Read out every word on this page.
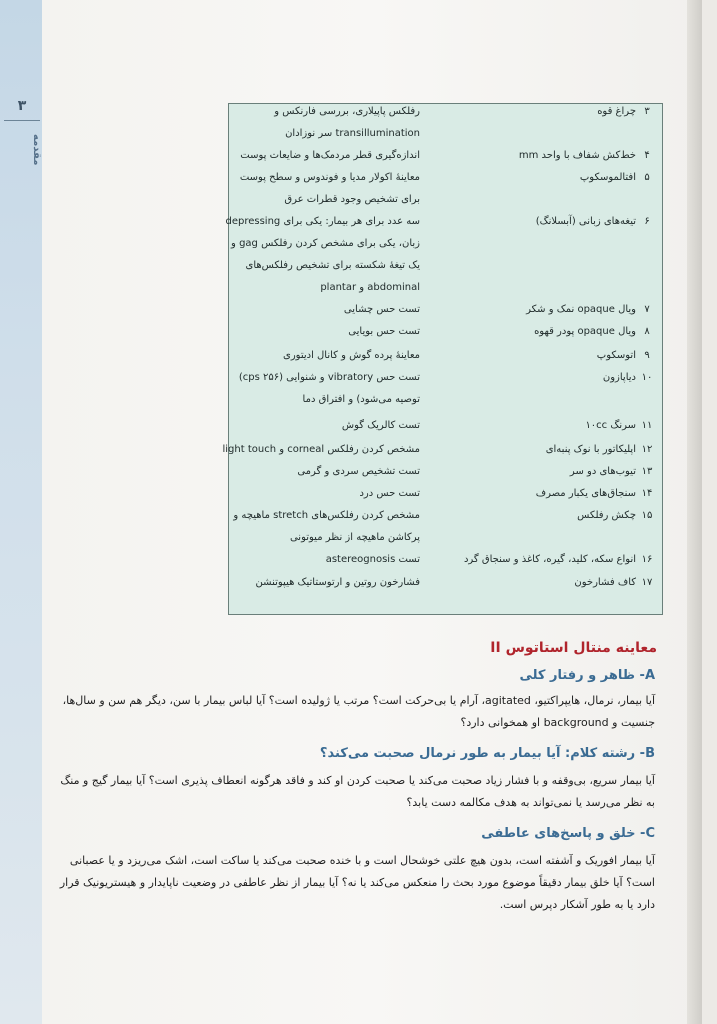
۳
مقدمه
۳
چراغ قوه
رفلکس پاپیلاری، بررسی فارنکس و
transillumination سر نوزادان
۴
خط‌کش شفاف با واحد mm
اندازه‌گیری قطر مردمک‌ها و ضایعات پوست
۵
افتالموسکوپ
معاینهٔ اکولار مدیا و فوندوس و سطح پوست
برای تشخیص وجود قطرات عرق
۶
تیغه‌های زبانی (آبسلانگ)
سه عدد برای هر بیمار: یکی برای depressing
زبان، یکی برای مشخص کردن رفلکس gag و
یک تیغهٔ شکسته برای تشخیص رفلکس‌های
abdominal و plantar
۷
ویال opaque نمک و شکر
تست حس چشایی
۸
ویال opaque پودر قهوه
تست حس بویایی
۹
اتوسکوپ
معاینهٔ پرده گوش و کانال ادیتوری
۱۰
دیاپازون
تست حس vibratory و شنوایی (۲۵۶ cps)
توصیه می‌شود) و افتراق دما
۱۱
سرنگ ۱۰cc
تست کالریک گوش
۱۲
اپلیکاتور با نوک پنبه‌ای
مشخص کردن رفلکس corneal و light touch
۱۳
تیوب‌های دو سر
تست تشخیص سردی و گرمی
۱۴
سنجاق‌های یکبار مصرف
تست حس درد
۱۵
چکش رفلکس
مشخص کردن رفلکس‌های stretch ماهیچه و
پرکاشن ماهیچه از نظر میوتونی
۱۶
انواع سکه، کلید، گیره، کاغذ و سنجاق گرد
تست astereognosis
۱۷
کاف فشارخون
فشارخون روتین و ارتوستاتیک هیپوتنشن
معاینه منتال استاتوس II
A- ظاهر و رفتار کلی
آیا بیمار، نرمال، هایپراکتیو، agitated، آرام یا بی‌حرکت است؟ مرتب یا ژولیده است؟ آیا لباس بیمار با سن، دیگر هم سن و سال‌ها، جنسیت و background او همخوانی دارد؟
B- رشته کلام: آیا بیمار به طور نرمال صحبت می‌کند؟
آیا بیمار سریع، بی‌وقفه و با فشار زیاد صحبت می‌کند یا صحبت کردن او کند و فاقد هرگونه انعطاف پذیری است؟ آیا بیمار گیج و منگ به نظر می‌رسد یا نمی‌تواند به هدف مکالمه دست یابد؟
C- خلق و پاسخ‌های عاطفی
آیا بیمار افوریک و آشفته است، بدون هیچ علتی خوشحال است و با خنده صحبت می‌کند یا ساکت است، اشک می‌ریزد و یا عصبانی است؟ آیا خلق بیمار دقیقاً موضوع مورد بحث را منعکس می‌کند یا نه؟ آیا بیمار از نظر عاطفی در وضعیت ناپایدار و هیستریونیک قرار دارد یا به طور آشکار دپرس است.
